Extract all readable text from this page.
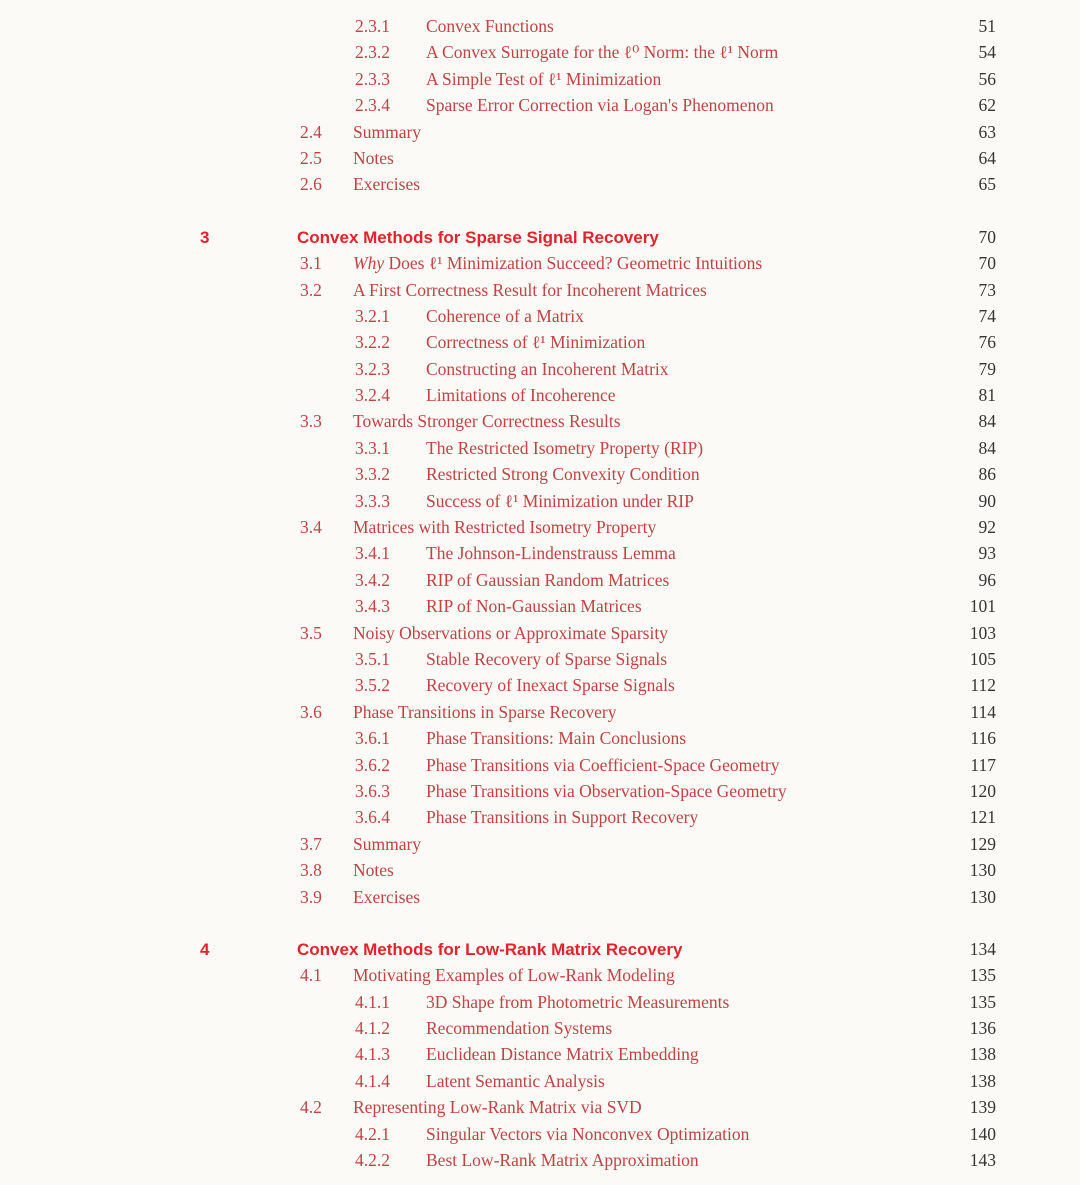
2.3.1	Convex Functions	51
2.3.2	A Convex Surrogate for the ℓ⁰ Norm: the ℓ¹ Norm	54
2.3.3	A Simple Test of ℓ¹ Minimization	56
2.3.4	Sparse Error Correction via Logan's Phenomenon	62
2.4	Summary	63
2.5	Notes	64
2.6	Exercises	65
3	Convex Methods for Sparse Signal Recovery	70
3.1	Why Does ℓ¹ Minimization Succeed? Geometric Intuitions	70
3.2	A First Correctness Result for Incoherent Matrices	73
3.2.1	Coherence of a Matrix	74
3.2.2	Correctness of ℓ¹ Minimization	76
3.2.3	Constructing an Incoherent Matrix	79
3.2.4	Limitations of Incoherence	81
3.3	Towards Stronger Correctness Results	84
3.3.1	The Restricted Isometry Property (RIP)	84
3.3.2	Restricted Strong Convexity Condition	86
3.3.3	Success of ℓ¹ Minimization under RIP	90
3.4	Matrices with Restricted Isometry Property	92
3.4.1	The Johnson-Lindenstrauss Lemma	93
3.4.2	RIP of Gaussian Random Matrices	96
3.4.3	RIP of Non-Gaussian Matrices	101
3.5	Noisy Observations or Approximate Sparsity	103
3.5.1	Stable Recovery of Sparse Signals	105
3.5.2	Recovery of Inexact Sparse Signals	112
3.6	Phase Transitions in Sparse Recovery	114
3.6.1	Phase Transitions: Main Conclusions	116
3.6.2	Phase Transitions via Coefficient-Space Geometry	117
3.6.3	Phase Transitions via Observation-Space Geometry	120
3.6.4	Phase Transitions in Support Recovery	121
3.7	Summary	129
3.8	Notes	130
3.9	Exercises	130
4	Convex Methods for Low-Rank Matrix Recovery	134
4.1	Motivating Examples of Low-Rank Modeling	135
4.1.1	3D Shape from Photometric Measurements	135
4.1.2	Recommendation Systems	136
4.1.3	Euclidean Distance Matrix Embedding	138
4.1.4	Latent Semantic Analysis	138
4.2	Representing Low-Rank Matrix via SVD	139
4.2.1	Singular Vectors via Nonconvex Optimization	140
4.2.2	Best Low-Rank Matrix Approximation	143
